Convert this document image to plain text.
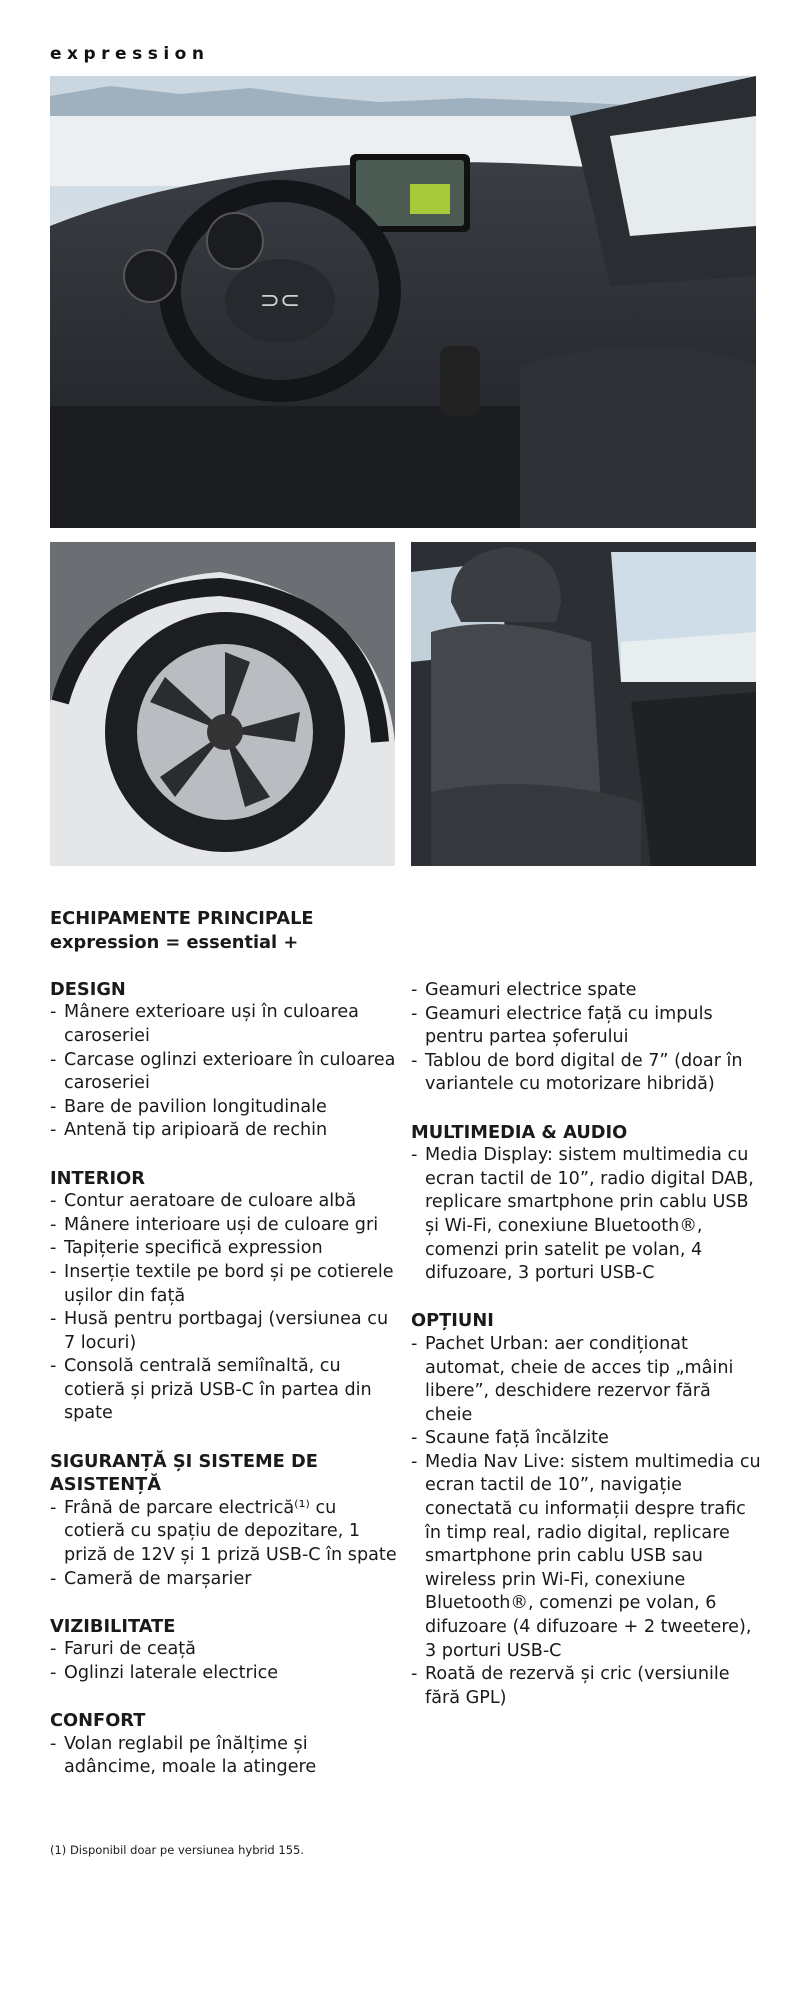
expression
⊃⊂
ECHIPAMENTE PRINCIPALE
expression = essential +
DESIGN
- Mânere exterioare uși în culoarea caroseriei
- Carcase oglinzi exterioare în culoarea caroseriei
- Bare de pavilion longitudinale
- Antenă tip aripioară de rechin
INTERIOR
- Contur aeratoare de culoare albă
- Mânere interioare uși de culoare gri
- Tapițerie specifică expression
- Inserție textile pe bord și pe cotierele ușilor din față
- Husă pentru portbagaj (versiunea cu 7 locuri)
- Consolă centrală semiînaltă, cu cotieră și priză USB-C în partea din spate
SIGURANȚĂ ȘI SISTEME DE ASISTENȚĂ
- Frână de parcare electrică⁽¹⁾ cu cotieră cu spațiu de depozitare, 1 priză de 12V și 1 priză USB-C în spate
- Cameră de marșarier
VIZIBILITATE
- Faruri de ceață
- Oglinzi laterale electrice
CONFORT
- Volan reglabil pe înălțime și adâncime, moale la atingere
- Geamuri electrice spate
- Geamuri electrice față cu impuls pentru partea șoferului
- Tablou de bord digital de 7” (doar în variantele cu motorizare hibridă)
MULTIMEDIA & AUDIO
- Media Display: sistem multimedia cu ecran tactil de 10”, radio digital DAB, replicare smartphone prin cablu USB și Wi-Fi, conexiune Bluetooth®, comenzi prin satelit pe volan, 4 difuzoare, 3 porturi USB-C
OPȚIUNI
- Pachet Urban: aer condiționat automat, cheie de acces tip „mâini libere”, deschidere rezervor fără cheie
- Scaune față încălzite
- Media Nav Live: sistem multimedia cu ecran tactil de 10”, navigație conectată cu informații despre trafic în timp real, radio digital, replicare smartphone prin cablu USB sau wireless prin Wi-Fi, conexiune Bluetooth®, comenzi pe volan, 6 difuzoare (4 difuzoare + 2 tweetere), 3 porturi USB-C
- Roată de rezervă și cric (versiunile fără GPL)
(1) Disponibil doar pe versiunea hybrid 155.
